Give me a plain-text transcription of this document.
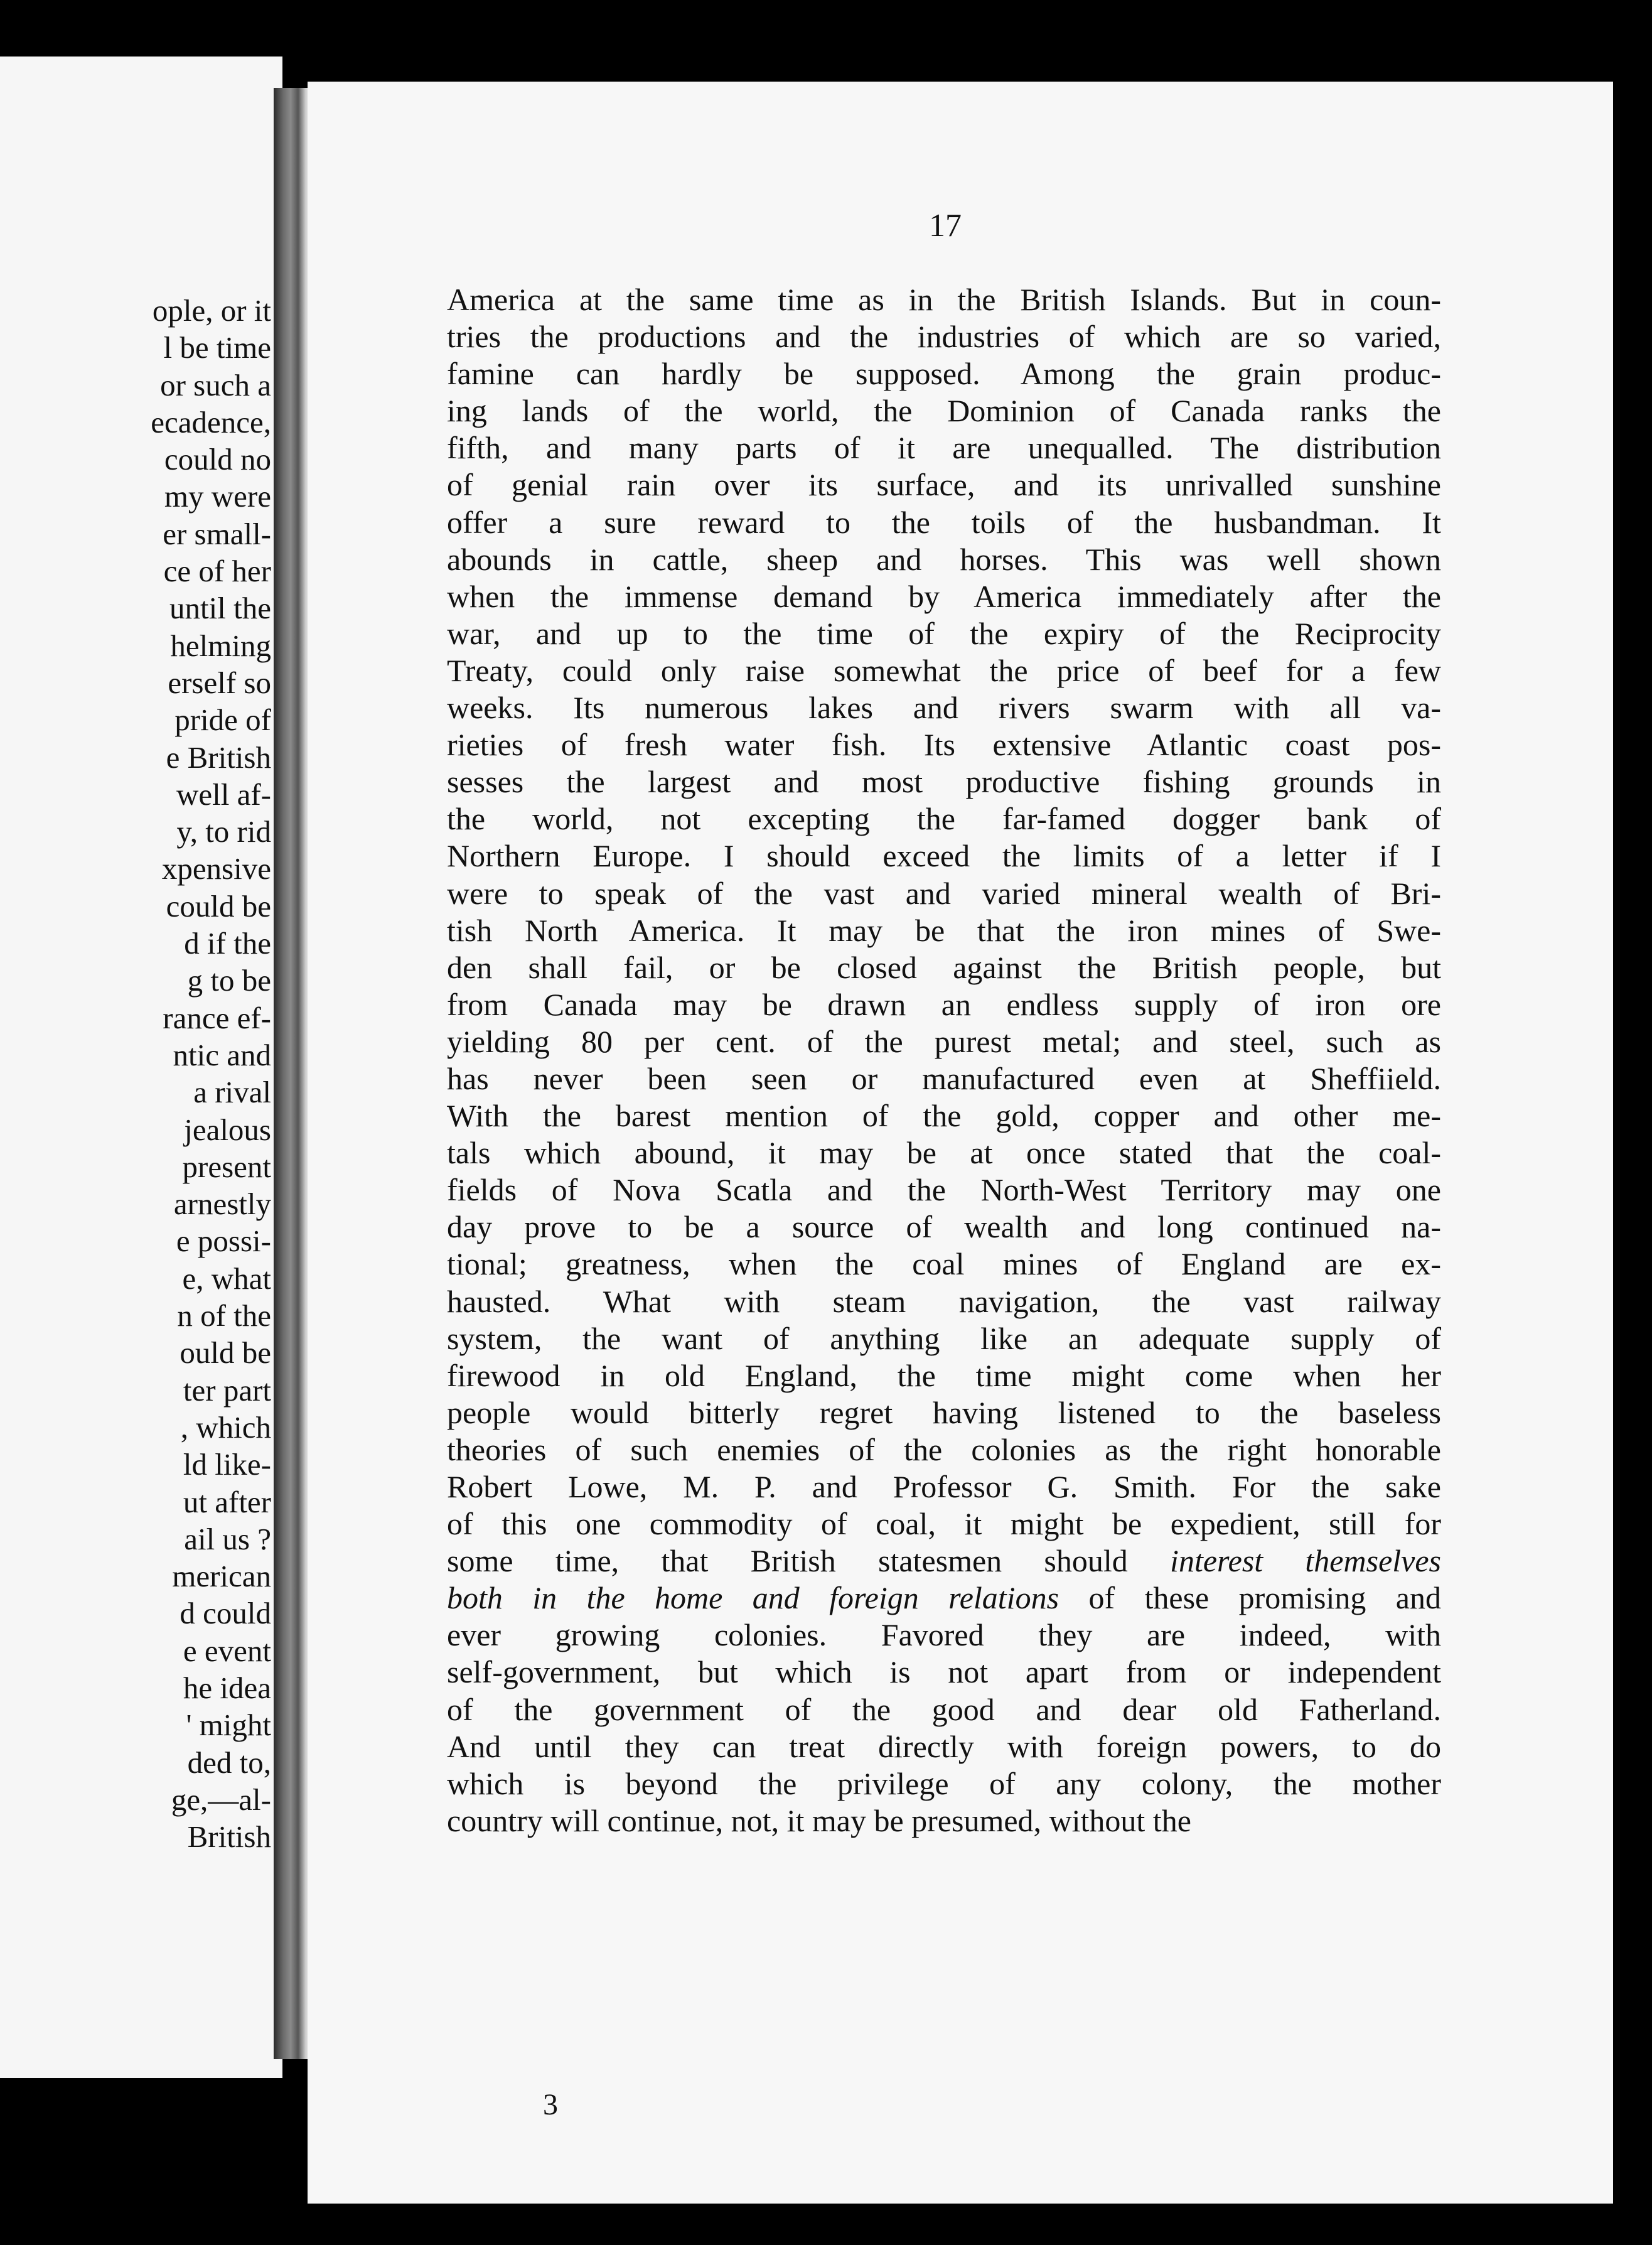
ople, or it
l be time
or such a
ecadence,
could no
my were
er small-
ce of her
until the
helming
erself so
pride of
e British
well af-
y, to rid
xpensive
could be
d if the
g to be
rance ef-
ntic and
a rival
jealous
present
arnestly
e possi-
e, what
n of the
ould be
ter part
, which
ld like-
ut after
ail us ?
merican
d could
e event
he idea
' might
ded to,
ge,—al-
British
17
America at the same time as in the British Islands. But in coun-
tries the productions and the industries of which are so varied,
famine can hardly be supposed. Among the grain produc-
ing lands of the world, the Dominion of Canada ranks the
fifth, and many parts of it are unequalled. The distribution
of genial rain over its surface, and its unrivalled sunshine
offer a sure reward to the toils of the husbandman. It
abounds in cattle, sheep and horses. This was well shown
when the immense demand by America immediately after the
war, and up to the time of the expiry of the Reciprocity
Treaty, could only raise somewhat the price of beef for a few
weeks. Its numerous lakes and rivers swarm with all va-
rieties of fresh water fish. Its extensive Atlantic coast pos-
sesses the largest and most productive fishing grounds in
the world, not excepting the far-famed dogger bank of
Northern Europe. I should exceed the limits of a letter if I
were to speak of the vast and varied mineral wealth of Bri-
tish North America. It may be that the iron mines of Swe-
den shall fail, or be closed against the British people, but
from Canada may be drawn an endless supply of iron ore
yielding 80 per cent. of the purest metal; and steel, such as
has never been seen or manufactured even at Sheffiield.
With the barest mention of the gold, copper and other me-
tals which abound, it may be at once stated that the coal-
fields of Nova Scatla and the North-West Territory may one
day prove to be a source of wealth and long continued na-
tional; greatness, when the coal mines of England are ex-
hausted. What with steam navigation, the vast railway
system, the want of anything like an adequate supply of
firewood in old England, the time might come when her
people would bitterly regret having listened to the baseless
theories of such enemies of the colonies as the right honorable
Robert Lowe, M. P. and Professor G. Smith. For the sake
of this one commodity of coal, it might be expedient, still for
some time, that British statesmen should interest themselves
both in the home and foreign relations of these promising and
ever growing colonies. Favored they are indeed, with
self-government, but which is not apart from or independent
of the government of the good and dear old Fatherland.
And until they can treat directly with foreign powers, to do
which is beyond the privilege of any colony, the mother
country will continue, not, it may be presumed, without the
3
